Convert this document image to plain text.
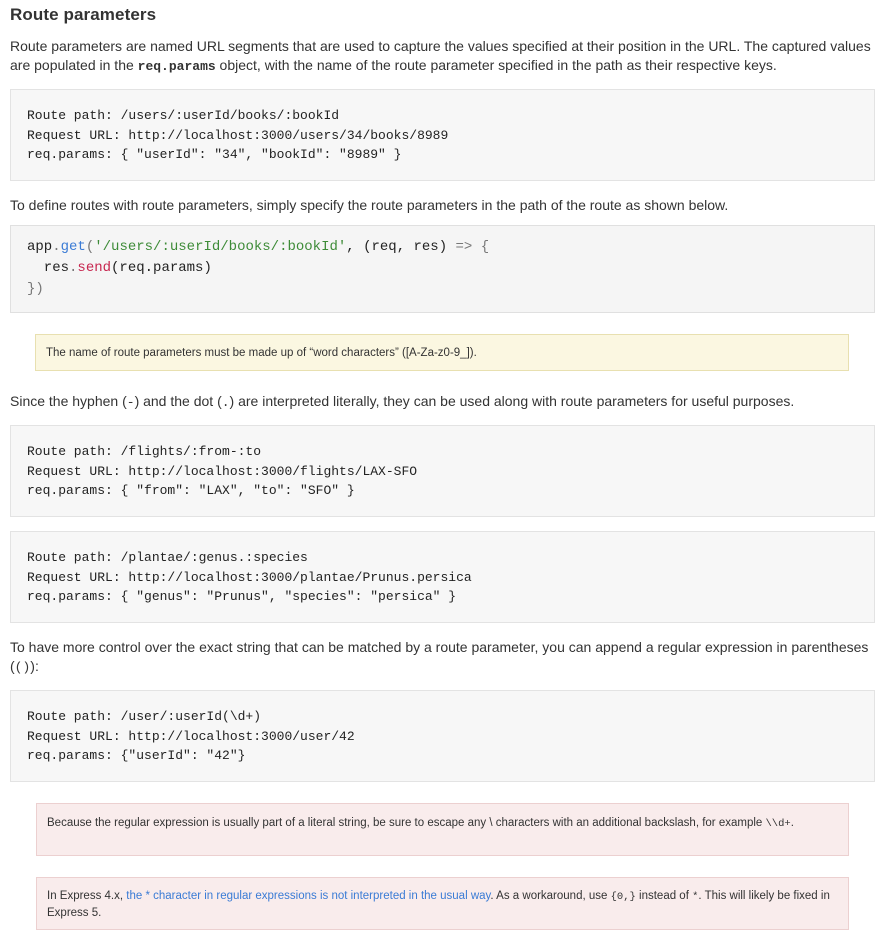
Route parameters

Route parameters are named URL segments that are used to capture the values specified at their position in the URL. The captured values are populated in the req.params object, with the name of the route parameter specified in the path as their respective keys.

Route path: /users/:userId/books/:bookId
Request URL: http://localhost:3000/users/34/books/8989
req.params: { "userId": "34", "bookId": "8989" }

To define routes with route parameters, simply specify the route parameters in the path of the route as shown below.

app.get('/users/:userId/books/:bookId', (req, res) => {
res.send(req.params)
})
The name of route parameters must be made up of “word characters” ([A-Za-z0-9_]).

Since the hyphen (-) and the dot (.) are interpreted literally, they can be used along with route parameters for useful purposes.

Route path: /flights/:from-:to
Request URL: http://localhost:3000/flights/LAX-SFO
req.params: { "from": "LAX", "to": "SFO" }
Route path: /plantae/:genus.:species
Request URL: http://localhost:3000/plantae/Prunus.persica
req.params: { "genus": "Prunus", "species": "persica" }

To have more control over the exact string that can be matched by a route parameter, you can append a regular expression in parentheses (()):

Route path: /user/:userId(\d+)
Request URL: http://localhost:3000/user/42
req.params: {"userId": "42"}
Because the regular expression is usually part of a literal string, be sure to escape any \ characters with an additional backslash, for example \\d+.
In Express 4.x, the * character in regular expressions is not interpreted in the usual way. As a workaround, use {0,} instead of *. This will likely be fixed in Express 5.
